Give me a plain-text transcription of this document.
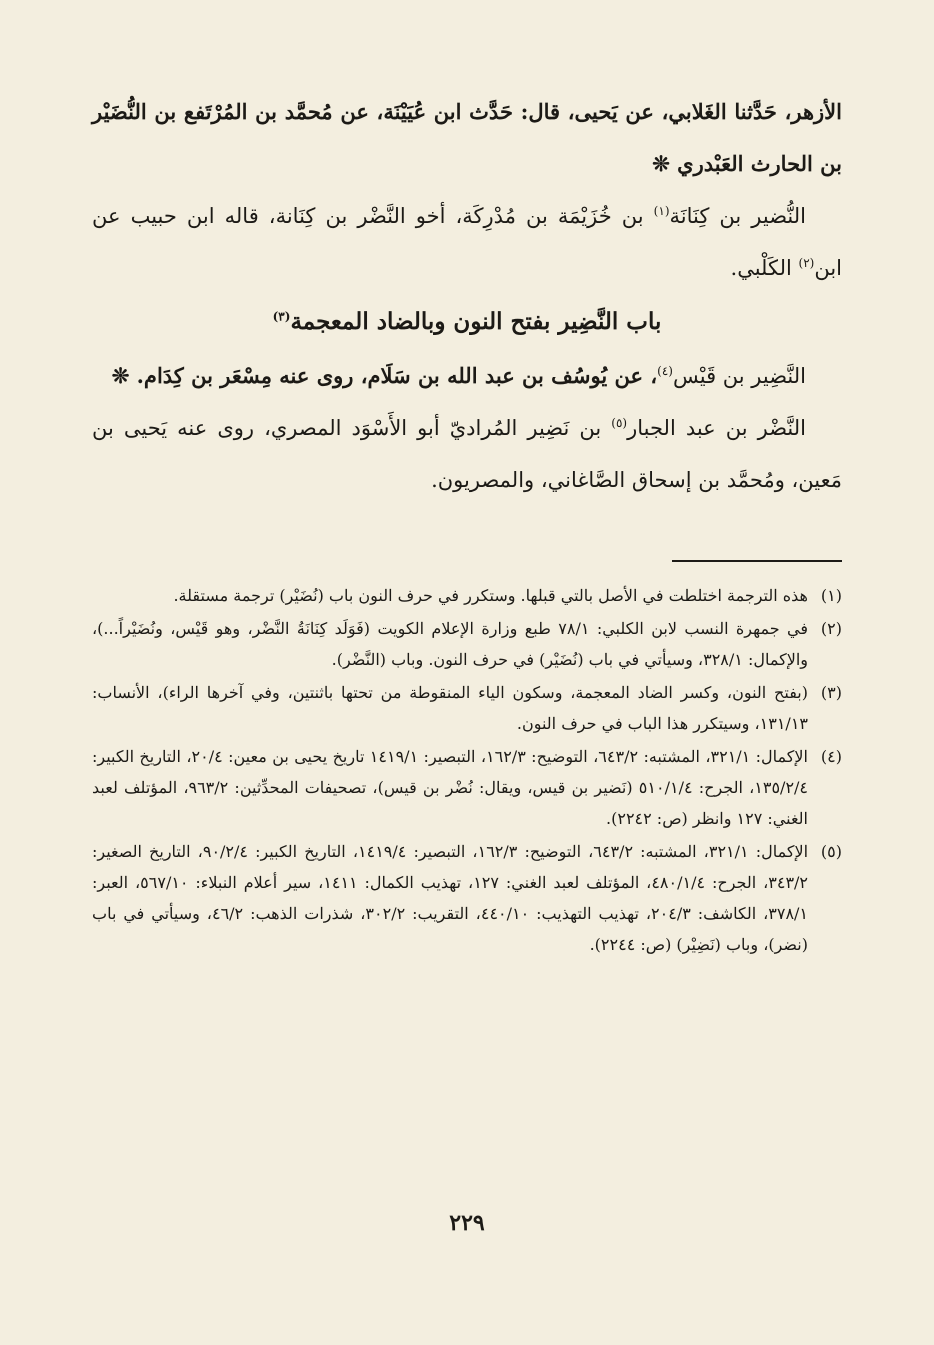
الأزهر، حَدَّثنا الغَلابي، عن يَحيى، قال: حَدَّث ابن عُيَيْنَة، عن مُحمَّد بن المُرْتَفع بن النُّضَيْر بن الحارث العَبْدري ❊

النُّضير بن كِنَانَة$^{(١)}$ بن خُزَيْمَة بن مُدْرِكَة، أخو النَّضْر بن كِنَانة، قاله ابن حبيب عن ابن$^{(٢)}$ الكَلْبي.

باب النَّضِير بفتح النون وبالضاد المعجمة$^{(٣)}$

النَّضِير بن قَيْس$^{(٤)}$، عن يُوسُف بن عبد الله بن سَلَام، روى عنه مِسْعَر بن كِدَام. ❊

النَّضْر بن عبد الجبار$^{(٥)}$ بن نَضِير المُراديّ أبو الأَسْوَد المصري، روى عنه يَحيى بن مَعين، ومُحمَّد بن إسحاق الصَّاغاني، والمصريون.

(١)
هذه الترجمة اختلطت في الأصل بالتي قبلها. وستكرر في حرف النون باب (نُضَيْر) ترجمة مستقلة.
(٢)
في جمهرة النسب لابن الكلبي: ٧٨/١ طبع وزارة الإعلام الكويت (فَوَلَد كِنَانَةُ النَّضْر، وهو قَيْس، ونُضَيْراً...)، والإكمال: ٣٢٨/١، وسيأتي في باب (نُضَيْر) في حرف النون. وباب (النَّضْر).
(٣)
(بفتح النون، وكسر الضاد المعجمة، وسكون الياء المنقوطة من تحتها باثنتين، وفي آخرها الراء)، الأنساب: ١٣١/١٣، وسيتكرر هذا الباب في حرف النون.
(٤)
الإكمال: ٣٢١/١، المشتبه: ٦٤٣/٢، التوضيح: ١٦٢/٣، التبصير: ١٤١٩/١ تاريخ يحيى بن معين: ٢٠/٤، التاريخ الكبير: ١٣٥/٢/٤، الجرح: ٥١٠/١/٤ (نَضير بن قيس، ويقال: نُضْر بن قيس)، تصحيفات المحدِّثين: ٩٦٣/٢، المؤتلف لعبد الغني: ١٢٧ وانظر (ص: ٢٢٤٢).
(٥)
الإكمال: ٣٢١/١، المشتبه: ٦٤٣/٢، التوضيح: ١٦٢/٣، التبصير: ١٤١٩/٤، التاريخ الكبير: ٩٠/٢/٤، التاريخ الصغير: ٣٤٣/٢، الجرح: ٤٨٠/١/٤، المؤتلف لعبد الغني: ١٢٧، تهذيب الكمال: ١٤١١، سير أعلام النبلاء: ٥٦٧/١٠، العبر: ٣٧٨/١، الكاشف: ٢٠٤/٣، تهذيب التهذيب: ٤٤٠/١٠، التقريب: ٣٠٢/٢، شذرات الذهب: ٤٦/٢، وسيأتي في باب (نضر)، وباب (نَضِيْر) (ص: ٢٢٤٤).
٢٢٩
